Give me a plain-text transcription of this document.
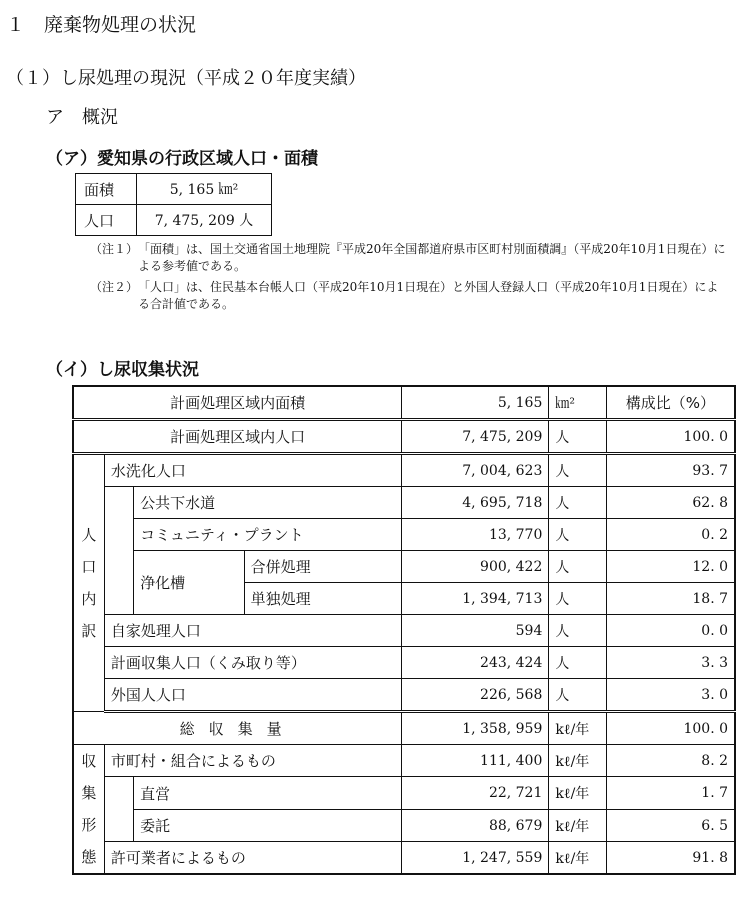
１　廃棄物処理の状況
（１）し尿処理の現況（平成２０年度実績）
ア　概況
（ア）愛知県の行政区域人口・面積
面積	5, 165 ㎞²
人口	7, 475, 209 人
（注１） 「面積」は、国土交通省国土地理院『平成20年全国都道府県市区町村別面積調』（平成20年10月1日現在）による参考値である。
（注２） 「人口」は、住民基本台帳人口（平成20年10月1日現在）と外国人登録人口（平成20年10月1日現在）による合計値である。
（イ）し尿収集状況
計画処理区域内面積				5, 165	㎞²	構成比（%）
計画処理区域内人口				7, 475, 209	人	100. 0

人
口
内
訳	水洗化人口			7, 004, 623	人	93. 7
		公共下水道		4, 695, 718	人	62. 8
		コミュニティ・プラント		13, 770	人	0. 2
		浄化槽	合併処理	900, 422	人	12. 0
			単独処理	1, 394, 713	人	18. 7
	自家処理人口			594	人	0. 0
	計画収集人口（くみ取り等）			243, 424	人	3. 3
	外国人人口			226, 568	人	3. 0
総収集量				1, 358, 959	kℓ/年	100. 0

収
集
形
態	市町村・組合によるもの			111, 400	kℓ/年	8. 2
		直営		22, 721	kℓ/年	1. 7
		委託		88, 679	kℓ/年	6. 5
	許可業者によるもの			1, 247, 559	kℓ/年	91. 8
